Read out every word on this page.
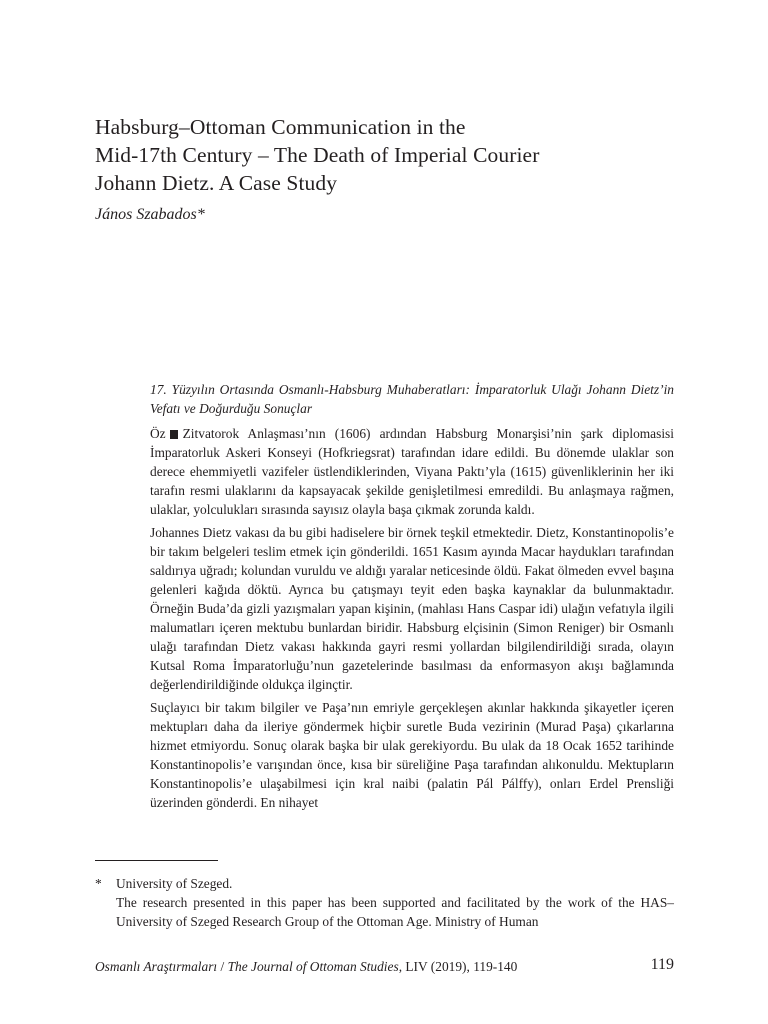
Habsburg–Ottoman Communication in the
Mid-17th Century – The Death of Imperial Courier
Johann Dietz. A Case Study
János Szabados*

17. Yüzyılın Ortasında Osmanlı-Habsburg Muhaberatları: İmparatorluk Ulağı Johann Dietz’in Vefatı ve Doğurduğu Sonuçlar

Öz Zitvatorok Anlaşması’nın (1606) ardından Habsburg Monarşisi’nin şark diplomasisi İmparatorluk Askeri Konseyi (Hofkriegsrat) tarafından idare edildi. Bu dönemde ulaklar son derece ehemmiyetli vazifeler üstlendiklerinden, Viyana Paktı’yla (1615) güvenliklerinin her iki tarafın resmi ulaklarını da kapsayacak şekilde genişletilmesi emredildi. Bu anlaşmaya rağmen, ulaklar, yolculukları sırasında sayısız olayla başa çıkmak zorunda kaldı.

Johannes Dietz vakası da bu gibi hadiselere bir örnek teşkil etmektedir. Dietz, Konstantinopolis’e bir takım belgeleri teslim etmek için gönderildi. 1651 Kasım ayında Macar haydukları tarafından saldırıya uğradı; kolundan vuruldu ve aldığı yaralar neticesinde öldü. Fakat ölmeden evvel başına gelenleri kağıda döktü. Ayrıca bu çatışmayı teyit eden başka kaynaklar da bulunmaktadır. Örneğin Buda’da gizli yazışmaları yapan kişinin, (mahlası Hans Caspar idi) ulağın vefatıyla ilgili malumatları içeren mektubu bunlardan biridir. Habsburg elçisinin (Simon Reniger) bir Osmanlı ulağı tarafından Dietz vakası hakkında gayri resmi yollardan bilgilendirildiği sırada, olayın Kutsal Roma İmparatorluğu’nun gazetelerinde basılması da enformasyon akışı bağlamında değerlendirildiğinde oldukça ilginçtir.

Suçlayıcı bir takım bilgiler ve Paşa’nın emriyle gerçekleşen akınlar hakkında şikayetler içeren mektupları daha da ileriye göndermek hiçbir suretle Buda vezirinin (Murad Paşa) çıkarlarına hizmet etmiyordu. Sonuç olarak başka bir ulak gerekiyordu. Bu ulak da 18 Ocak 1652 tarihinde Konstantinopolis’e varışından önce, kısa bir süreliğine Paşa tarafından alıkonuldu. Mektupların Konstantinopolis’e ulaşabilmesi için kral naibi (palatin Pál Pálffy), onları Erdel Prensliği üzerinden gönderdi. En nihayet

* University of Szeged.

The research presented in this paper has been supported and facilitated by the work of the HAS–University of Szeged Research Group of the Ottoman Age. Ministry of Human

Osmanlı Araştırmaları / The Journal of Ottoman Studies, LIV (2019), 119-140	119
